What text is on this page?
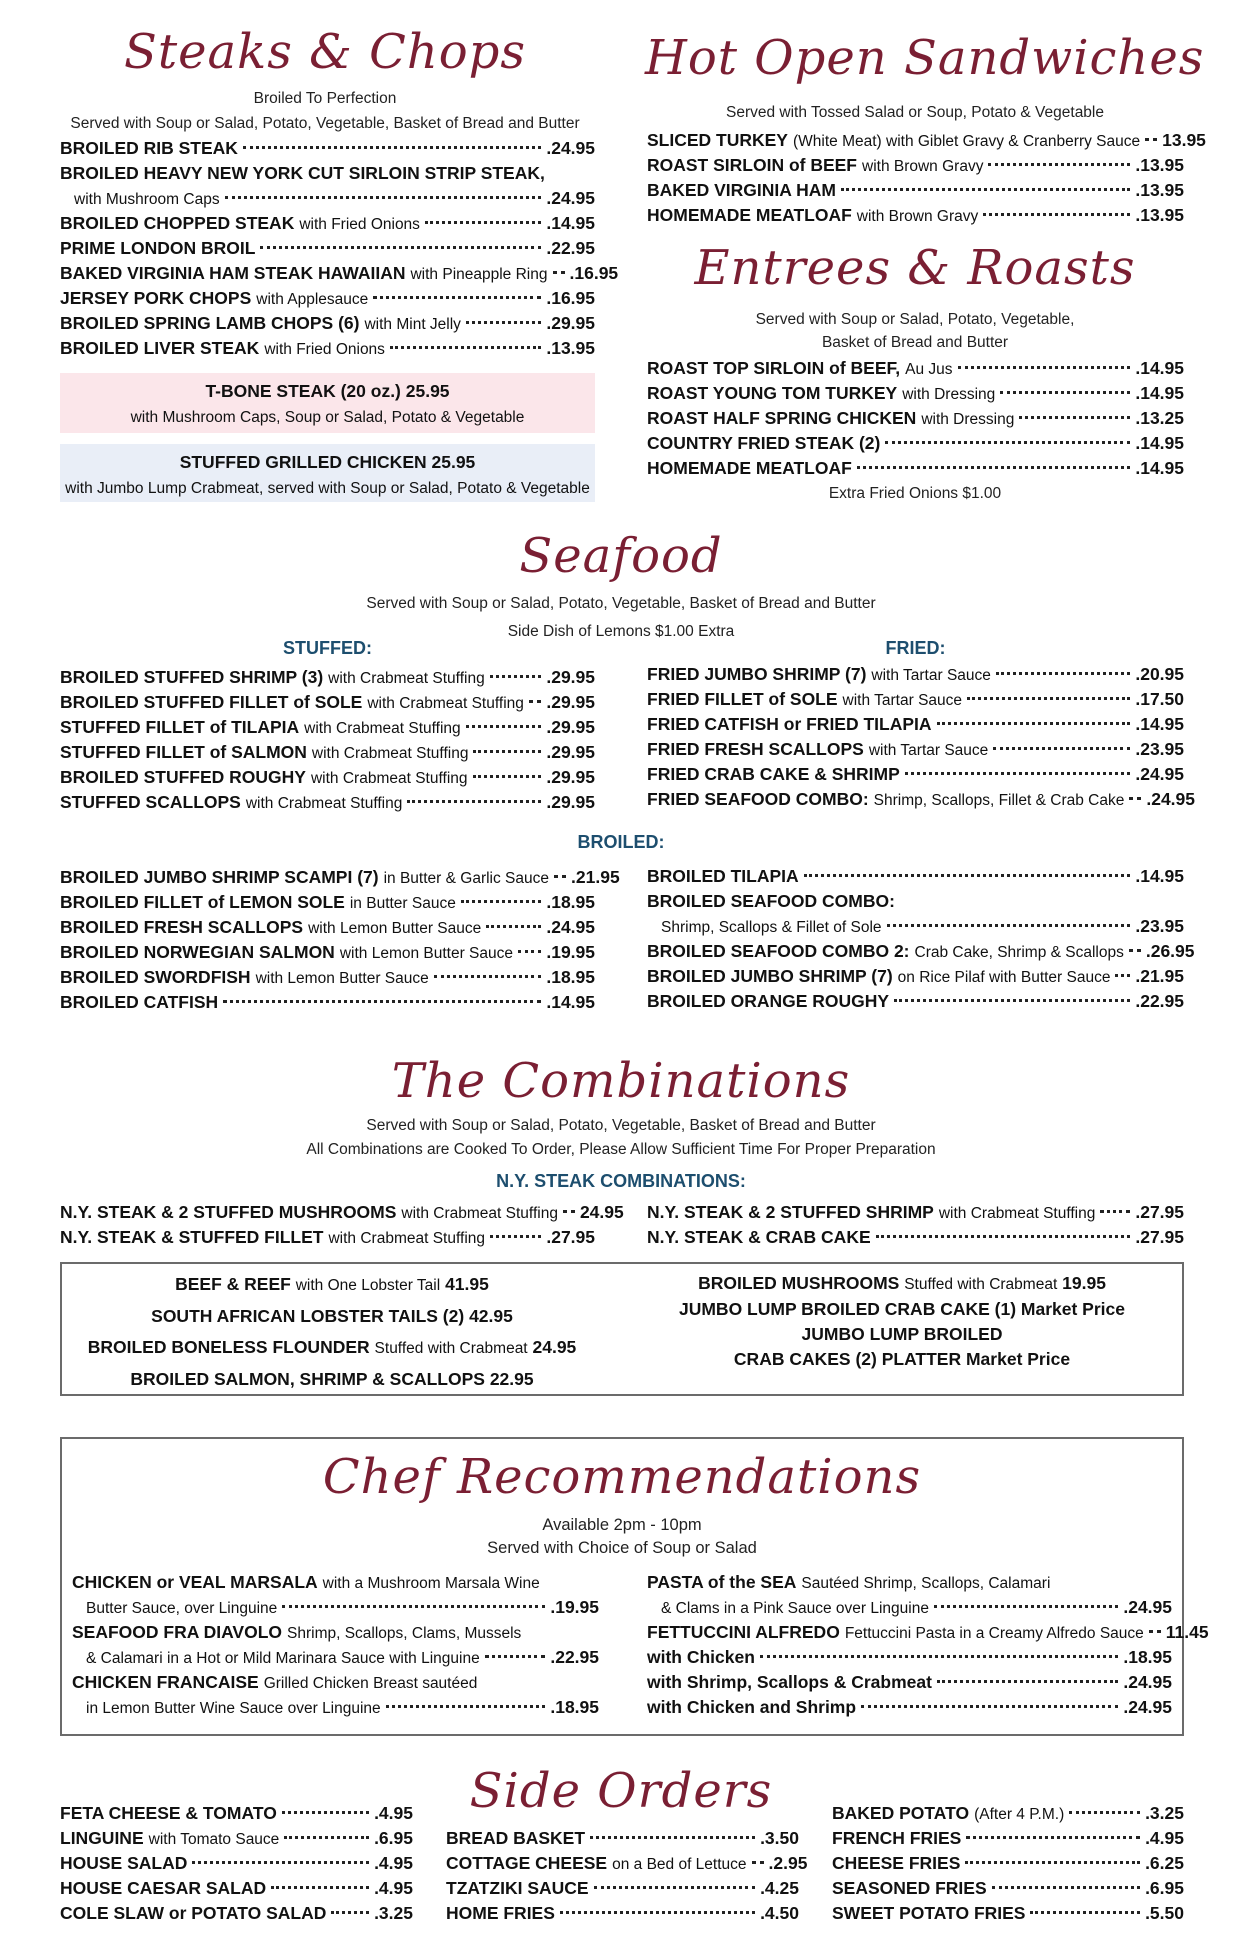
Steaks & Chops
Broiled To Perfection
Served with Soup or Salad, Potato, Vegetable, Basket of Bread and Butter
BROILED RIB STEAK	.24.95
BROILED HEAVY NEW YORK CUT SIRLOIN STRIP STEAK,
with Mushroom Caps	.24.95
BROILED CHOPPED STEAK with Fried Onions	.14.95
PRIME LONDON BROIL	.22.95
BAKED VIRGINIA HAM STEAK HAWAIIAN with Pineapple Ring .16.95
JERSEY PORK CHOPS with Applesauce	.16.95
BROILED SPRING LAMB CHOPS (6) with Mint Jelly	.29.95
BROILED LIVER STEAK with Fried Onions	.13.95
T-BONE STEAK (20 oz.) 25.95
with Mushroom Caps, Soup or Salad, Potato & Vegetable
STUFFED GRILLED CHICKEN 25.95
with Jumbo Lump Crabmeat, served with Soup or Salad, Potato & Vegetable
Hot Open Sandwiches
Served with Tossed Salad or Soup, Potato & Vegetable
SLICED TURKEY (White Meat) with Giblet Gravy & Cranberry Sauce 13.95
ROAST SIRLOIN of BEEF with Brown Gravy	.13.95
BAKED VIRGINIA HAM	.13.95
HOMEMADE MEATLOAF with Brown Gravy	.13.95
Entrees & Roasts
Served with Soup or Salad, Potato, Vegetable,
Basket of Bread and Butter
ROAST TOP SIRLOIN of BEEF, Au Jus	.14.95
ROAST YOUNG TOM TURKEY with Dressing	.14.95
ROAST HALF SPRING CHICKEN with Dressing	.13.25
COUNTRY FRIED STEAK (2)	.14.95
HOMEMADE MEATLOAF	.14.95
Extra Fried Onions $1.00
Seafood
Served with Soup or Salad, Potato, Vegetable, Basket of Bread and Butter
Side Dish of Lemons $1.00 Extra
STUFFED:	FRIED:
BROILED STUFFED SHRIMP (3) with Crabmeat Stuffing	.29.95
BROILED STUFFED FILLET of SOLE with Crabmeat Stuffing .29.95
STUFFED FILLET of TILAPIA with Crabmeat Stuffing	.29.95
STUFFED FILLET of SALMON with Crabmeat Stuffing	.29.95
BROILED STUFFED ROUGHY with Crabmeat Stuffing	.29.95
STUFFED SCALLOPS with Crabmeat Stuffing	.29.95
FRIED JUMBO SHRIMP (7) with Tartar Sauce	.20.95
FRIED FILLET of SOLE with Tartar Sauce	.17.50
FRIED CATFISH or FRIED TILAPIA	.14.95
FRIED FRESH SCALLOPS with Tartar Sauce	.23.95
FRIED CRAB CAKE & SHRIMP	.24.95
FRIED SEAFOOD COMBO: Shrimp, Scallops, Fillet & Crab Cake .24.95
BROILED:
BROILED JUMBO SHRIMP SCAMPI (7) in Butter & Garlic Sauce .21.95
BROILED FILLET of LEMON SOLE in Butter Sauce	.18.95
BROILED FRESH SCALLOPS with Lemon Butter Sauce	.24.95
BROILED NORWEGIAN SALMON with Lemon Butter Sauce .19.95
BROILED SWORDFISH with Lemon Butter Sauce	.18.95
BROILED CATFISH	.14.95
BROILED TILAPIA	.14.95
BROILED SEAFOOD COMBO:
Shrimp, Scallops & Fillet of Sole	.23.95
BROILED SEAFOOD COMBO 2: Crab Cake, Shrimp & Scallops .26.95
BROILED JUMBO SHRIMP (7) on Rice Pilaf with Butter Sauce .21.95
BROILED ORANGE ROUGHY	.22.95
The Combinations
Served with Soup or Salad, Potato, Vegetable, Basket of Bread and Butter
All Combinations are Cooked To Order, Please Allow Sufficient Time For Proper Preparation
N.Y. STEAK COMBINATIONS:
N.Y. STEAK & 2 STUFFED MUSHROOMS with Crabmeat Stuffing 24.95
N.Y. STEAK & STUFFED FILLET with Crabmeat Stuffing	.27.95
N.Y. STEAK & 2 STUFFED SHRIMP with Crabmeat Stuffing .27.95
N.Y. STEAK & CRAB CAKE	.27.95
BEEF & REEF with One Lobster Tail 41.95
SOUTH AFRICAN LOBSTER TAILS (2) 42.95
BROILED BONELESS FLOUNDER Stuffed with Crabmeat 24.95
BROILED SALMON, SHRIMP & SCALLOPS 22.95
BROILED MUSHROOMS Stuffed with Crabmeat 19.95
JUMBO LUMP BROILED CRAB CAKE (1) Market Price
JUMBO LUMP BROILED
CRAB CAKES (2) PLATTER Market Price
Chef Recommendations
Available 2pm - 10pm
Served with Choice of Soup or Salad
CHICKEN or VEAL MARSALA with a Mushroom Marsala Wine
Butter Sauce, over Linguine	.19.95
SEAFOOD FRA DIAVOLO Shrimp, Scallops, Clams, Mussels
& Calamari in a Hot or Mild Marinara Sauce with Linguine	.22.95
CHICKEN FRANCAISE Grilled Chicken Breast sautéed
in Lemon Butter Wine Sauce over Linguine	.18.95
PASTA of the SEA Sautéed Shrimp, Scallops, Calamari
& Clams in a Pink Sauce over Linguine	.24.95
FETTUCCINI ALFREDO Fettuccini Pasta in a Creamy Alfredo Sauce 11.45
with Chicken	.18.95
with Shrimp, Scallops & Crabmeat	.24.95
with Chicken and Shrimp	.24.95
Side Orders
FETA CHEESE & TOMATO	.4.95
LINGUINE with Tomato Sauce	.6.95
HOUSE SALAD	.4.95
HOUSE CAESAR SALAD	.4.95
COLE SLAW or POTATO SALAD	.3.25
BREAD BASKET	.3.50
COTTAGE CHEESE on a Bed of Lettuce .2.95
TZATZIKI SAUCE	.4.25
HOME FRIES	.4.50
BAKED POTATO (After 4 P.M.)	.3.25
FRENCH FRIES	.4.95
CHEESE FRIES	.6.25
SEASONED FRIES	.6.95
SWEET POTATO FRIES	.5.50
